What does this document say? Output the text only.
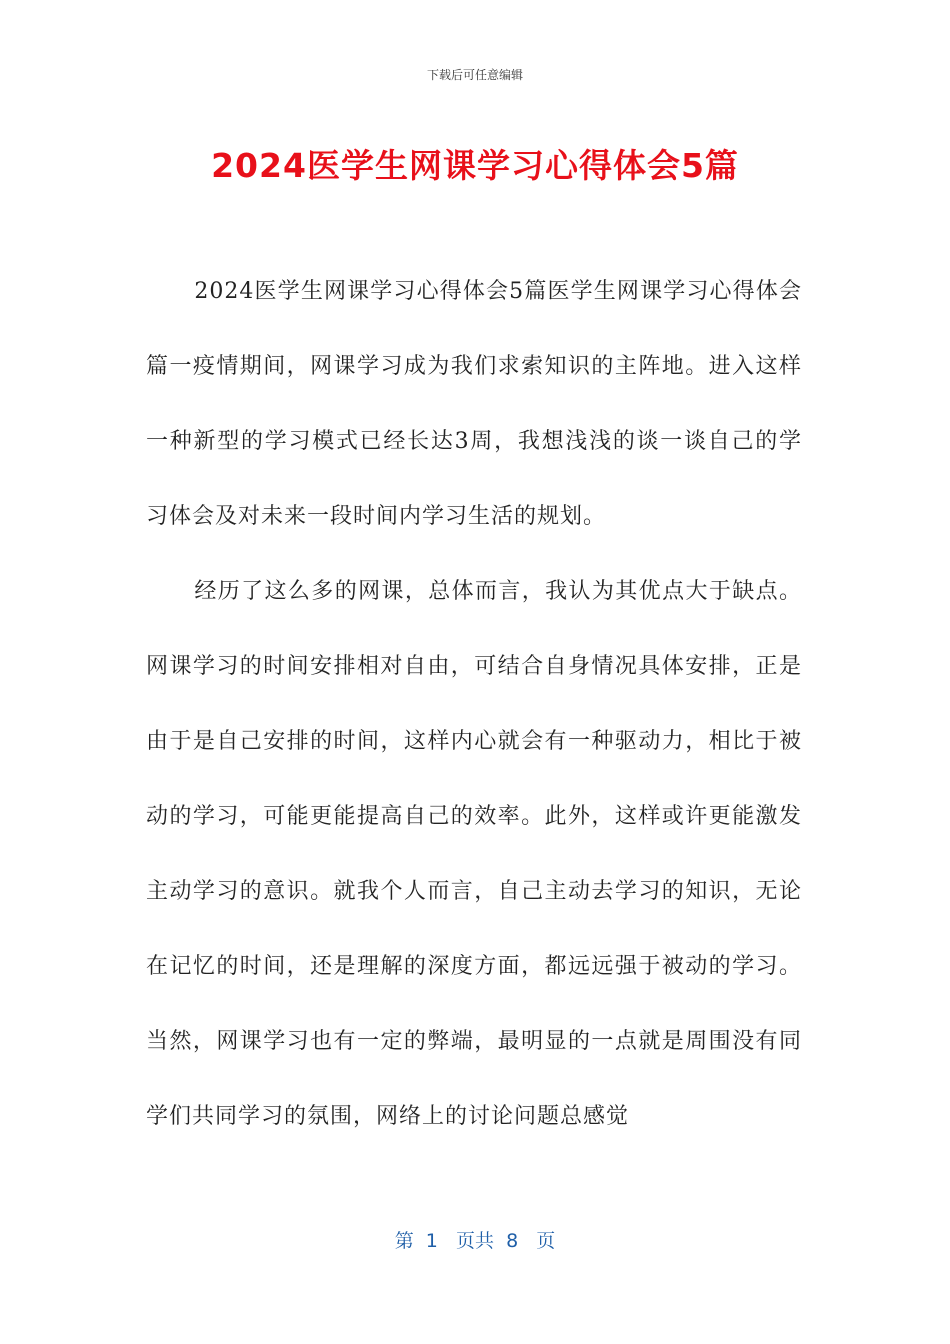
下载后可任意编辑
2024医学生网课学习心得体会5篇

2024医学生网课学习心得体会5篇医学生网课学习心得体会篇一疫情期间，网课学习成为我们求索知识的主阵地。进入这样一种新型的学习模式已经长达3周，我想浅浅的谈一谈自己的学习体会及对未来一段时间内学习生活的规划。

经历了这么多的网课，总体而言，我认为其优点大于缺点。网课学习的时间安排相对自由，可结合自身情况具体安排，正是由于是自己安排的时间，这样内心就会有一种驱动力，相比于被动的学习，可能更能提高自己的效率。此外，这样或许更能激发主动学习的意识。就我个人而言，自己主动去学习的知识，无论在记忆的时间，还是理解的深度方面，都远远强于被动的学习。当然，网课学习也有一定的弊端，最明显的一点就是周围没有同学们共同学习的氛围，网络上的讨论问题总感觉

第  1   页共  8   页
